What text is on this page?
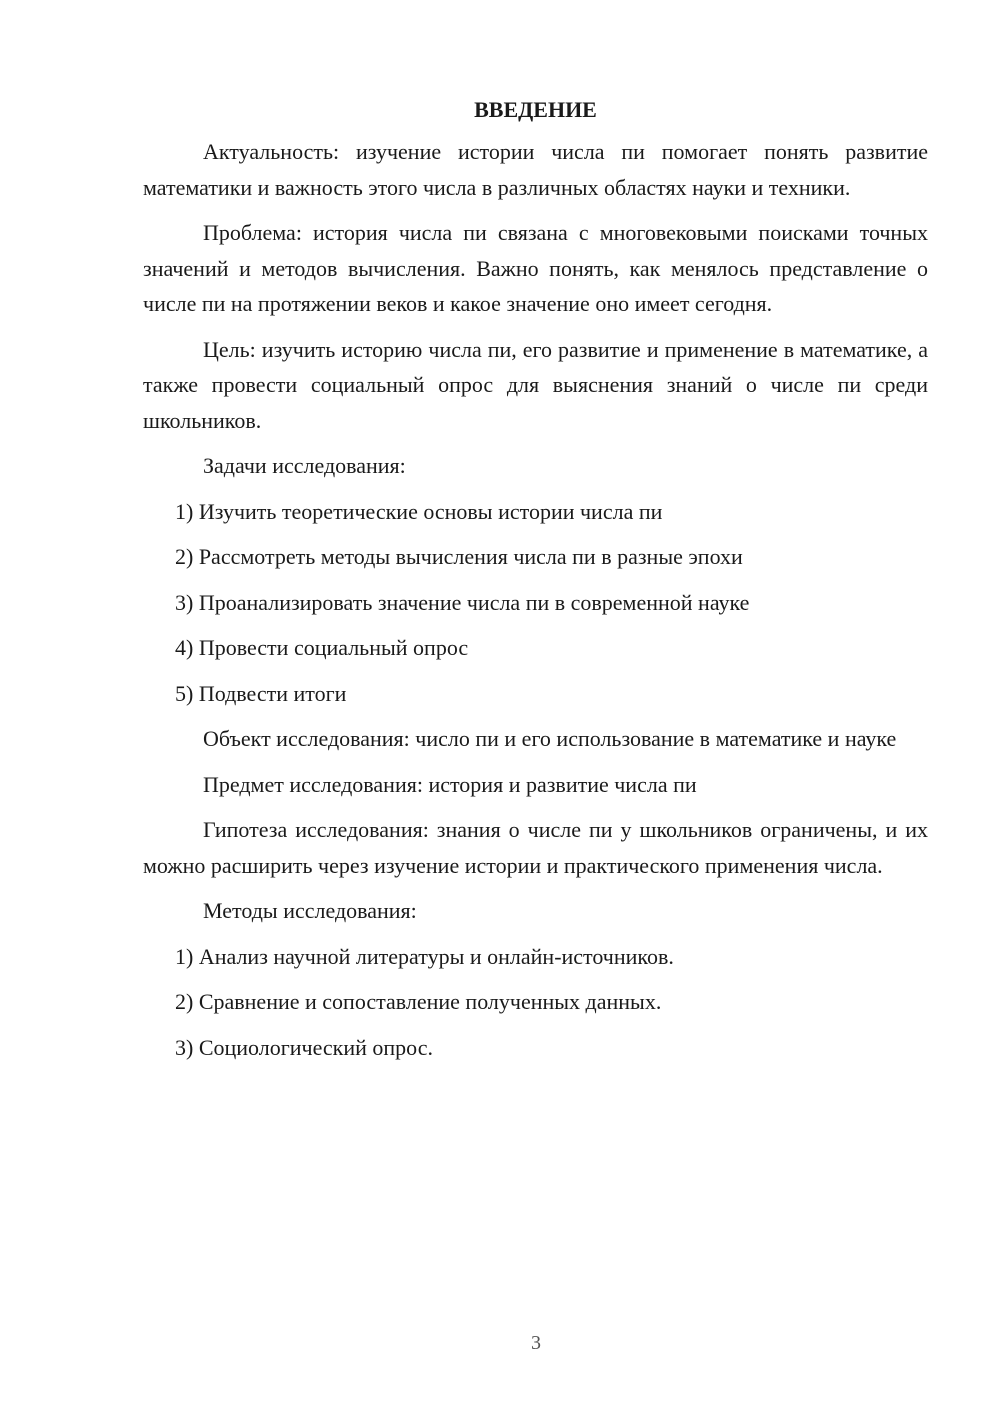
ВВЕДЕНИЕ

Актуальность: изучение истории числа пи помогает понять развитие математики и важность этого числа в различных областях науки и техники.

Проблема: история числа пи связана с многовековыми поисками точных значений и методов вычисления. Важно понять, как менялось представление о числе пи на протяжении веков и какое значение оно имеет сегодня.

Цель: изучить историю числа пи, его развитие и применение в математике, а также провести социальный опрос для выяснения знаний о числе пи среди школьников.

Задачи исследования:

1) Изучить теоретические основы истории числа пи
2) Рассмотреть методы вычисления числа пи в разные эпохи
3) Проанализировать значение числа пи в современной науке
4) Провести социальный опрос
5) Подвести итоги

Объект исследования: число пи и его использование в математике и науке

Предмет исследования: история и развитие числа пи

Гипотеза исследования: знания о числе пи у школьников ограничены, и их можно расширить через изучение истории и практического применения числа.

Методы исследования:

1) Анализ научной литературы и онлайн-источников.
2) Сравнение и сопоставление полученных данных.
3) Социологический опрос.
3
